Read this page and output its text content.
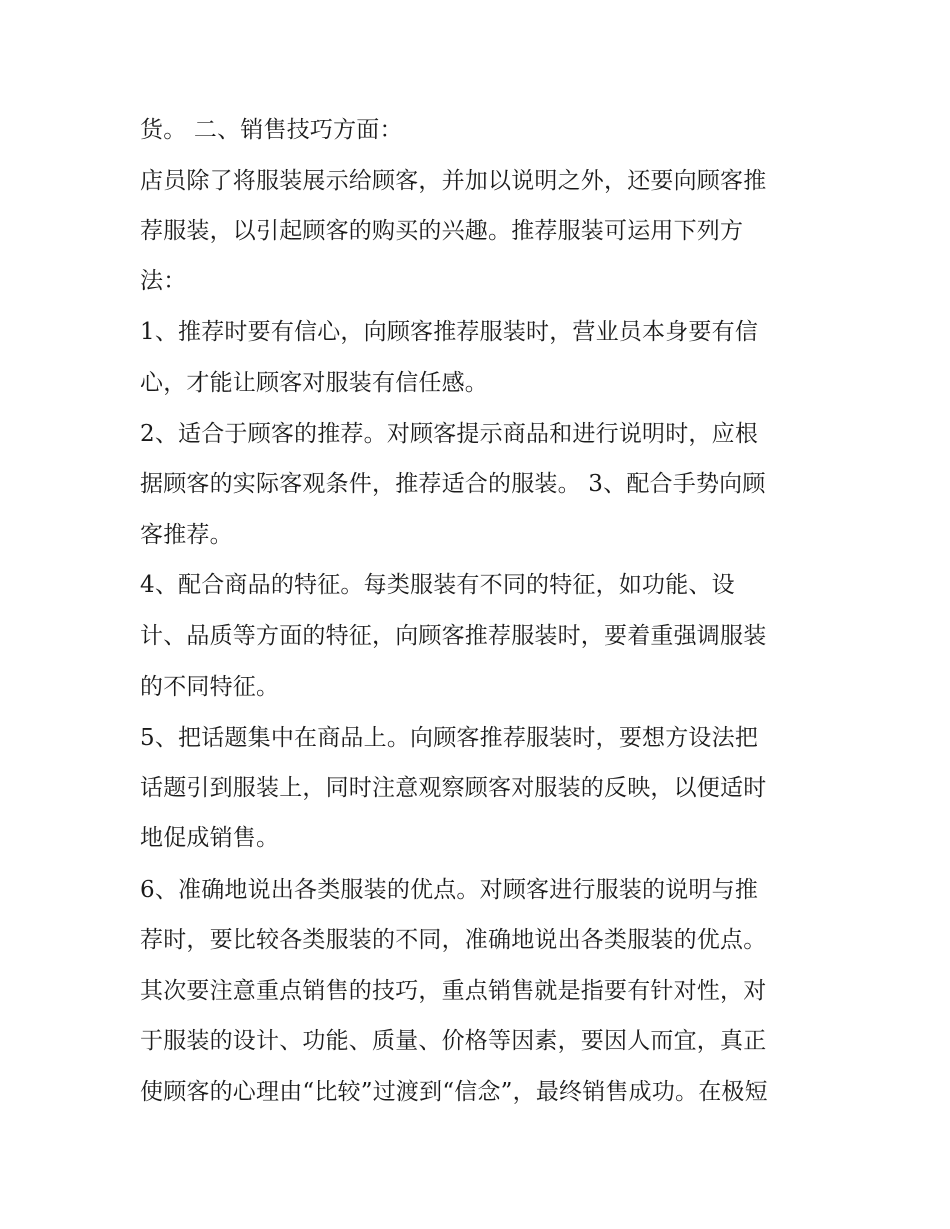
货。 二、销售技巧方面：
店员除了将服装展示给顾客，并加以说明之外，还要向顾客推
荐服装，以引起顾客的购买的兴趣。推荐服装可运用下列方
法：
1、推荐时要有信心，向顾客推荐服装时，营业员本身要有信
心，才能让顾客对服装有信任感。
2、适合于顾客的推荐。对顾客提示商品和进行说明时，应根
据顾客的实际客观条件，推荐适合的服装。 3、配合手势向顾
客推荐。
4、配合商品的特征。每类服装有不同的特征，如功能、设
计、品质等方面的特征，向顾客推荐服装时，要着重强调服装
的不同特征。
5、把话题集中在商品上。向顾客推荐服装时，要想方设法把
话题引到服装上，同时注意观察顾客对服装的反映，以便适时
地促成销售。
6、准确地说出各类服装的优点。对顾客进行服装的说明与推
荐时，要比较各类服装的不同，准确地说出各类服装的优点。
其次要注意重点销售的技巧，重点销售就是指要有针对性，对
于服装的设计、功能、质量、价格等因素，要因人而宜，真正
使顾客的心理由“比较”过渡到“信念”，最终销售成功。在极短
